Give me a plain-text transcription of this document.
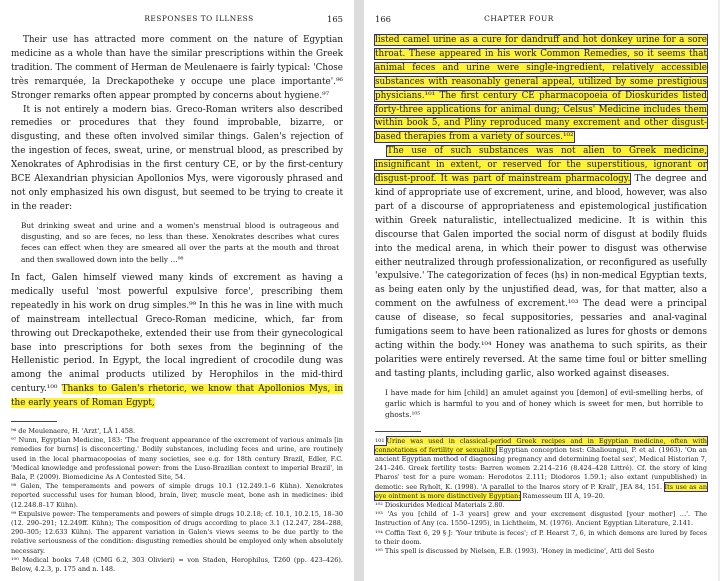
RESPONSES TO ILLNESS	165

Their use has attracted more comment on the nature of Egyptian medicine as a whole than have the similar prescriptions within the Greek tradition. The comment of Herman de Meulenaere is fairly typical: 'Chose très remarquée, la Dreckapotheke y occupe une place importante'.⁹⁶ Stronger remarks often appear prompted by concerns about hygiene.⁹⁷

It is not entirely a modern bias. Greco-Roman writers also described remedies or procedures that they found improbable, bizarre, or disgusting, and these often involved similar things. Galen's rejection of the ingestion of feces, sweat, urine, or menstrual blood, as prescribed by Xenokrates of Aphrodisias in the first century CE, or by the first-century BCE Alexandrian physician Apollonios Mys, were vigorously phrased and not only emphasized his own disgust, but seemed to be trying to create it in the reader:

But drinking sweat and urine and a women's menstrual blood is outrageous and disgusting, and so are feces, no less than these. Xenokrates describes what cures feces can effect when they are smeared all over the parts at the mouth and throat and then swallowed down into the belly …⁹⁸

In fact, Galen himself viewed many kinds of excrement as having a medically useful 'most powerful expulsive force', prescribing them repeatedly in his work on drug simples.⁹⁹ In this he was in line with much of mainstream intellectual Greco-Roman medicine, which, far from throwing out Dreckapotheke, extended their use from their gynecological base into prescriptions for both sexes from the beginning of the Hellenistic period. In Egypt, the local ingredient of crocodile dung was among the animal products utilized by Herophilos in the mid-third century.¹⁰⁰ Thanks to Galen's rhetoric, we know that Apollonios Mys, in the early years of Roman Egypt,

⁹⁶ de Meulenaere, H. 'Arzt', LÄ 1.458.
⁹⁷ Nunn, Egyptian Medicine, 183: 'The frequent appearance of the excrement of various animals [in remedies for burns] is disconcerting.' Bodily substances, including feces and urine, are routinely used in the local pharmacopoeias of many societies, see e.g. for 18th century Brazil, Edler, F.C. 'Medical knowledge and professional power: from the Luso-Brazilian context to imperial Brazil', in Bala, P. (2009). Biomedicine As A Contested Site, 54.
⁹⁸ Galen, The temperaments and powers of simple drugs 10.1 (12.249.1–6 Kühn). Xenokrates reported successful uses for human blood, brain, liver, muscle meat, bone ash in medicines: ibid (12.248.8–17 Kühn).
⁹⁹ Expulsive power: The temperaments and powers of simple drugs 10.2.18; cf. 10.1, 10.2.15, 18–30 (12. 290–291; 12.249ff. Kühn); The composition of drugs according to place 3.1 (12.247, 284–288, 290–305; 12.633 Kühn). The apparent variation in Galen's views seems to be due partly to the relative seriousness of the condition: disgusting remedies should be employed only when absolutely necessary.
¹⁰⁰ Medical books 7.48 (CMG 6.2, 303 Olivieri) = von Staden, Herophilus, T260 (pp. 423–426). Below, 4.2.3, p. 175 and n. 148.
166	CHAPTER FOUR

listed camel urine as a cure for dandruff and hot donkey urine for a sore throat. These appeared in his work Common Remedies, so it seems that animal feces and urine were single-ingredient, relatively accessible substances with reasonably general appeal, utilized by some prestigious physicians.¹⁰¹ The first century CE pharmacopoeia of Dioskurides listed forty-three applications for animal dung; Celsus' Medicine includes them within book 5, and Pliny reproduced many excrement and other disgust-based therapies from a variety of sources.¹⁰²

The use of such substances was not alien to Greek medicine, insignificant in extent, or reserved for the superstitious, ignorant or disgust-proof. It was part of mainstream pharmacology. The degree and kind of appropriate use of excrement, urine, and blood, however, was also part of a discourse of appropriateness and epistemological justification within Greek naturalistic, intellectualized medicine. It is within this discourse that Galen imported the social norm of disgust at bodily fluids into the medical arena, in which their power to disgust was otherwise either neutralized through professionalization, or reconfigured as usefully 'expulsive.' The categorization of feces (ḥs) in non-medical Egyptian texts, as being eaten only by the unjustified dead, was, for that matter, also a comment on the awfulness of excrement.¹⁰³ The dead were a principal cause of disease, so fecal suppositories, pessaries and anal-vaginal fumigations seem to have been rationalized as lures for ghosts or demons acting within the body.¹⁰⁴ Honey was anathema to such spirits, as their polarities were entirely reversed. At the same time foul or bitter smelling and tasting plants, including garlic, also worked against diseases.

I have made for him [child] an amulet against you [demon] of evil-smelling herbs, of garlic which is harmful to you and of honey which is sweet for men, but horrible to ghosts.¹⁰⁵
$^{101}$ Urine was used in classical-period Greek recipes and in Egyptian medicine, often with connotations of fertility or sexuality. Egyptian conception test: Ghalioungui, P. et al. (1963). 'On an ancient Egyptian method of diagnosing pregnancy and determining foetal sex', Medical Historian 7, 241–246. Greek fertility tests: Barren women 2.214–216 (8.424–428 Littré). Cf. the story of king Pharos' test for a pure woman: Herodotos 2.111; Diodoros 1.59.1; also extant (unpublished) in demotic: see Ryholt, K. (1998). 'A parallel to the Inaros story of P. Krall', JEA 84, 151. Its use as an eye ointment is more distinctively Egyptian: Ramesseum III A, 19–20.
¹⁰² Dioskurides Medical Materials 2.80.
¹⁰³ 'As you [child of 1–3 years] grew and your excrement disgusted [your mother] …'. The Instruction of Any (ca. 1550–1295), in Lichtheim, M. (1976). Ancient Egyptian Literature, 2.141.
¹⁰⁴ Coffin Text 6, 29 § J: 'Your tribute is feces'; cf P. Hearst 7, 6, in which demons are lured by feces to their doom.
¹⁰⁵ This spell is discussed by Nielsen, E.B. (1993). 'Honey in medicine', Atti del Sesto
